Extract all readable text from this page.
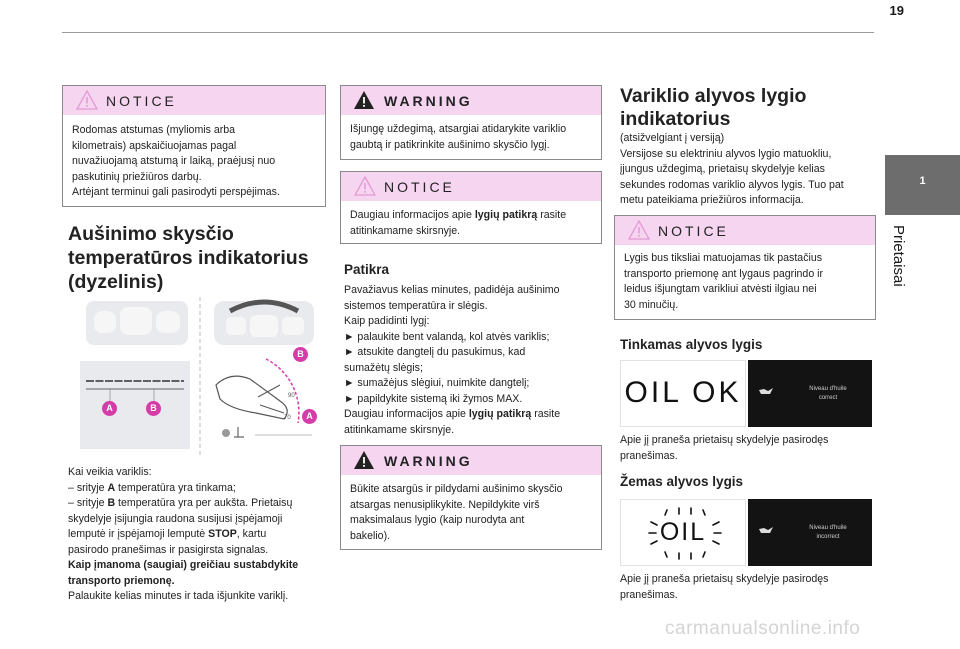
19
1
Prietaisai
NOTICE
Rodomas atstumas (myliomis arba
kilometrais) apskaičiuojamas pagal
nuvažiuojamą atstumą ir laiką, praėjusį nuo
paskutinių priežiūros darbų.
Artėjant terminui gali pasirodyti perspėjimas.
Aušinimo skysčio
temperatūros indikatorius
(dyzelinis)
90
70
A	B
B
A
Kai veikia variklis:
– srityje A temperatūra yra tinkama;
– srityje B temperatūra yra per aukšta. Prietaisų
skydelyje įsijungia raudona susijusi įspėjamoji
lemputė ir įspėjamoji lemputė STOP, kartu
pasirodo pranešimas ir pasigirsta signalas.
Kaip įmanoma (saugiai) greičiau sustabdykite
transporto priemonę.
Palaukite kelias minutes ir tada išjunkite variklį.
WARNING
Išjungę uždegimą, atsargiai atidarykite variklio
gaubtą ir patikrinkite aušinimo skysčio lygį.
NOTICE
Daugiau informacijos apie lygių patikrą rasite
atitinkamame skirsnyje.
Patikra
Pavažiavus kelias minutes, padidėja aušinimo
sistemos temperatūra ir slėgis.
Kaip padidinti lygį:
► palaukite bent valandą, kol atvės variklis;
► atsukite dangtelį du pasukimus, kad
sumažėtų slėgis;
► sumažėjus slėgiui, nuimkite dangtelį;
► papildykite sistemą iki žymos MAX.
Daugiau informacijos apie lygių patikrą rasite
atitinkamame skirsnyje.
WARNING
Būkite atsargūs ir pildydami aušinimo skysčio
atsargas nenusiplikykite. Nepildykite virš
maksimalaus lygio (kaip nurodyta ant
bakelio).
Variklio alyvos lygio
indikatorius
(atsižvelgiant į versiją)
Versijose su elektriniu alyvos lygio matuokliu,
įjungus uždegimą, prietaisų skydelyje kelias
sekundes rodomas variklio alyvos lygis. Tuo pat
metu pateikiama priežiūros informacija.
NOTICE
Lygis bus tiksliai matuojamas tik pastačius
transporto priemonę ant lygaus pagrindo ir
leidus išjungtam varikliui atvėsti ilgiau nei
30 minučių.
Tinkamas alyvos lygis
OIL OK	Niveau d'huile
correct
Apie jį praneša prietaisų skydelyje pasirodęs
pranešimas.
Žemas alyvos lygis
OIL	Niveau d'huile
incorrect
Apie jį praneša prietaisų skydelyje pasirodęs
pranešimas.
carmanualsonline.info
